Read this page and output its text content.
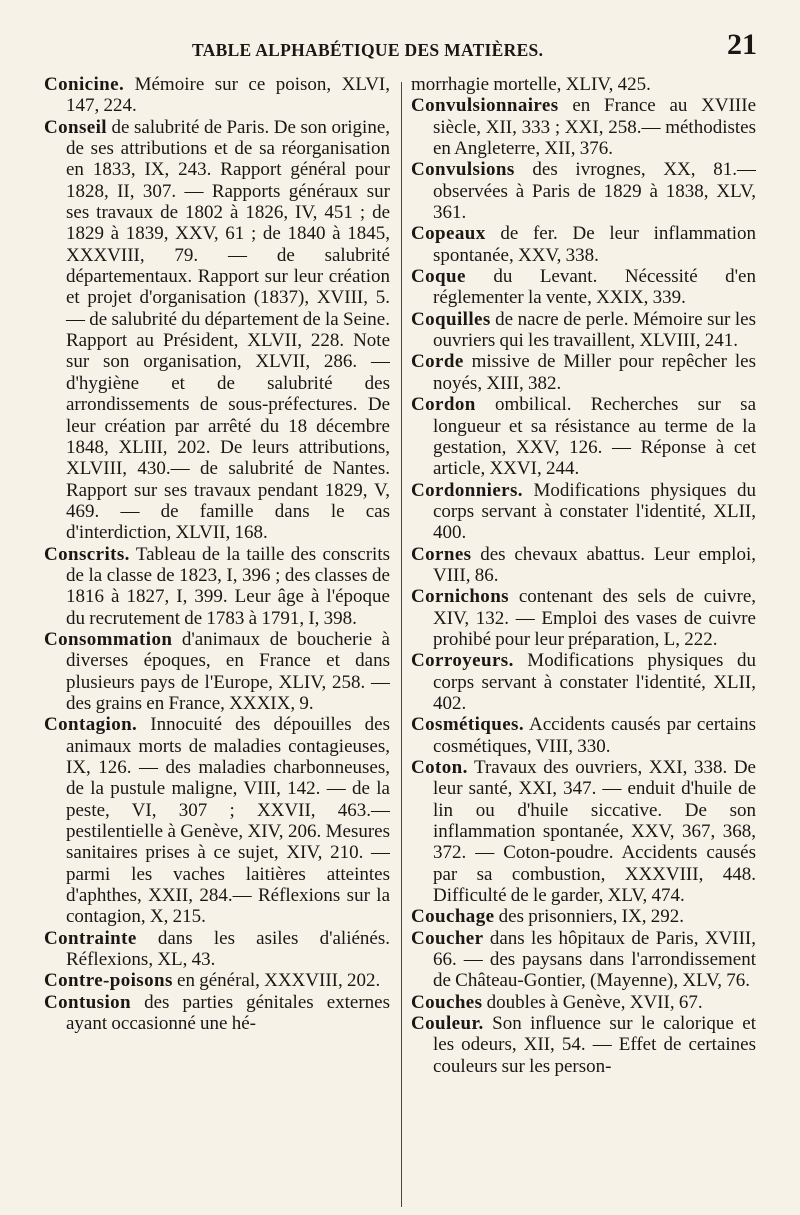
TABLE ALPHABÉTIQUE DES MATIÈRES.	21

Conicine. Mémoire sur ce poison, XLVI, 147, 224.

Conseil de salubrité de Paris. De son origine, de ses attributions et de sa réorganisation en 1833, IX, 243. Rapport général pour 1828, II, 307. — Rapports généraux sur ses travaux de 1802 à 1826, IV, 451 ; de 1829 à 1839, XXV, 61 ; de 1840 à 1845, XXXVIII, 79. — de salubrité départementaux. Rapport sur leur création et projet d'organisation (1837), XVIII, 5. — de salubrité du département de la Seine. Rapport au Président, XLVII, 228. Note sur son organisation, XLVII, 286. — d'hygiène et de salubrité des arrondissements de sous-préfectures. De leur création par arrêté du 18 décembre 1848, XLIII, 202. De leurs attributions, XLVIII, 430.— de salubrité de Nantes. Rapport sur ses travaux pendant 1829, V, 469. — de famille dans le cas d'interdiction, XLVII, 168.

Conscrits. Tableau de la taille des conscrits de la classe de 1823, I, 396 ; des classes de 1816 à 1827, I, 399. Leur âge à l'époque du recrutement de 1783 à 1791, I, 398.

Consommation d'animaux de boucherie à diverses époques, en France et dans plusieurs pays de l'Europe, XLIV, 258. — des grains en France, XXXIX, 9.

Contagion. Innocuité des dépouilles des animaux morts de maladies contagieuses, IX, 126. — des maladies charbonneuses, de la pustule maligne, VIII, 142. — de la peste, VI, 307 ; XXVII, 463.— pestilentielle à Genève, XIV, 206. Mesures sanitaires prises à ce sujet, XIV, 210. — parmi les vaches laitières atteintes d'aphthes, XXII, 284.— Réflexions sur la contagion, X, 215.

Contrainte dans les asiles d'aliénés. Réflexions, XL, 43.

Contre-poisons en général, XXXVIII, 202.

Contusion des parties génitales externes ayant occasionné une hé-

morrhagie mortelle, XLIV, 425.

Convulsionnaires en France au XVIIIe siècle, XII, 333 ; XXI, 258.— méthodistes en Angleterre, XII, 376.

Convulsions des ivrognes, XX, 81.— observées à Paris de 1829 à 1838, XLV, 361.

Copeaux de fer. De leur inflammation spontanée, XXV, 338.

Coque du Levant. Nécessité d'en réglementer la vente, XXIX, 339.

Coquilles de nacre de perle. Mémoire sur les ouvriers qui les travaillent, XLVIII, 241.

Corde missive de Miller pour repêcher les noyés, XIII, 382.

Cordon ombilical. Recherches sur sa longueur et sa résistance au terme de la gestation, XXV, 126. — Réponse à cet article, XXVI, 244.

Cordonniers. Modifications physiques du corps servant à constater l'identité, XLII, 400.

Cornes des chevaux abattus. Leur emploi, VIII, 86.

Cornichons contenant des sels de cuivre, XIV, 132. — Emploi des vases de cuivre prohibé pour leur préparation, L, 222.

Corroyeurs. Modifications physiques du corps servant à constater l'identité, XLII, 402.

Cosmétiques. Accidents causés par certains cosmétiques, VIII, 330.

Coton. Travaux des ouvriers, XXI, 338. De leur santé, XXI, 347. — enduit d'huile de lin ou d'huile siccative. De son inflammation spontanée, XXV, 367, 368, 372. — Coton-poudre. Accidents causés par sa combustion, XXXVIII, 448. Difficulté de le garder, XLV, 474.

Couchage des prisonniers, IX, 292.

Coucher dans les hôpitaux de Paris, XVIII, 66. — des paysans dans l'arrondissement de Château-Gontier, (Mayenne), XLV, 76.

Couches doubles à Genève, XVII, 67.

Couleur. Son influence sur le calorique et les odeurs, XII, 54. — Effet de certaines couleurs sur les person-
